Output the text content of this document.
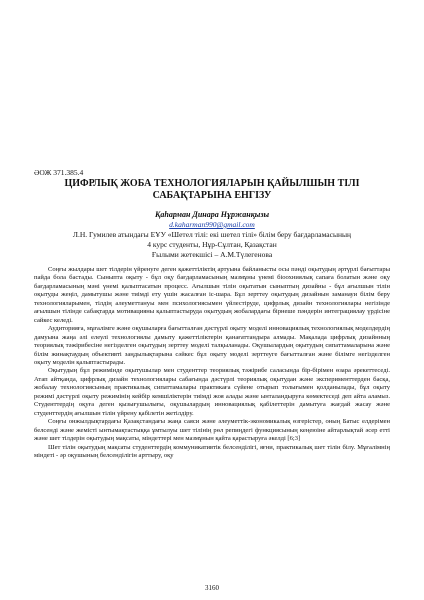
ӘОЖ 371.385.4
ЦИФРЛЫҚ ЖОБА ТЕХНОЛОГИЯЛАРЫН ҚАЙЫЛШЫН ТІЛІ САБАҚТАРЫНА ЕНГІЗУ
Қаһарман Динара Нұржанқызы
d.kaharman990@gmail.com
Л.Н. Гумилев атындағы ЕҰУ «Шетел тілі: екі шетел тілі» білім беру бағдарламасының
4 курс студенты, Нұр-Сұлтан, Қазақстан
Ғылыми жетекшісі – А.М.Түлегенова

Соңғы жылдары шет тілдерін үйренуге деген қажеттіліктің артуына байланысты осы пәнді оқытудың әртүрлі бағыттары пайда бола бастады. Сыныпта оқыту - бұл оқу бағдарламасының мазмұны үнемі біоохниялық сапаға болатын және оқу бағдарламасының мәні үнемі қалыптасатын процесс. Ағылшын тілін оқытатын сыныптың дизайны - бұл ағылшын тілін оқытуды жеңіл, дамытушы және тиімді ету үшін жасалған іс-шара. Бұл зерттеу оқытудың дизайнын заманауи білім беру технологияларымен, тілдің алеуметтануы мен психологиясымен үйлестіруде, цифрлық дизайн технологиялары негізінде ағылшын тілінде сабақтарда мотивацияны қалыптастыруда оқытудың жобалардағы бірнеше пәндерін интеграциялау үрдісіне сайкес келеді.

Аудиторияға, мұғалімге және оқушыларға бағытталған дәстүрлі оқыту моделі инновациялық технологиялық моделдердің дамуына жаңа әлі елеулі технологиялы дамыту қажеттіліктерін қанағаттандыра алмады. Мақалада цифрлық дизайнның теориялық тәжірибесіне негізделген оқытудың зерттеу моделі талқыланады. Оқушылардың оқытудың сипаттамаларына және білім жинақтаудың объективті заңдылықтарына сәйкес бұл оқыту моделі зерттеуге бағытталған және білімге негізделген оқыту моделін қалыптастырады.

Оқытудың бұл режимінде оқытушылар мен студенттер теориялық тәжірибе саласында бір-бірімен өзара әрекеттеседі. Атап айтқанда, цифрлық дизайн технологиялары сабағында дәстүрлі теориялық оқытудан және эксперименттерден басқа, жобалау технологиясының практикалық сипаттамалары практикаға сүйене отырып толығымен қолданылады, бұл оқыту режимі дәстүрлі оқыту режимінің кейбір кемшіліктерін тиімді жоя алады және ынталандыруға көмектеседі деп айта аламыз. Студенттердің оқуға деген қызығушылығы, оқушылардың инновациялық қабілеттерін дамытуға жағдай жасау және студенттердің ағылшын тілін үйрену қабілетін жетілдіру.

Соңғы онжылдықтардағы Қазақстандағы жаңа саяси және әлеуметтік-экономикалық өзгерістер, оның Батыс елдерімен белсенді және жемісті ынтымақтастыққа ұмтылуы шет тілінің рөл репиңдегі функциясының кеңеюіне айтарлықтай әсер етті және шет тілдерін оқытудың мақсаты, міндеттері мен мазмұнын қайта қарастыруға әкелді [6;3]

Шет тілін оқытудың мақсаты студенттердің коммуникативтік белсенділігі, яғни, практикалық шет тілін білу. Мұғалімнің міндеті - әр оқушының белсенділігін арттыру, оқу

3160
